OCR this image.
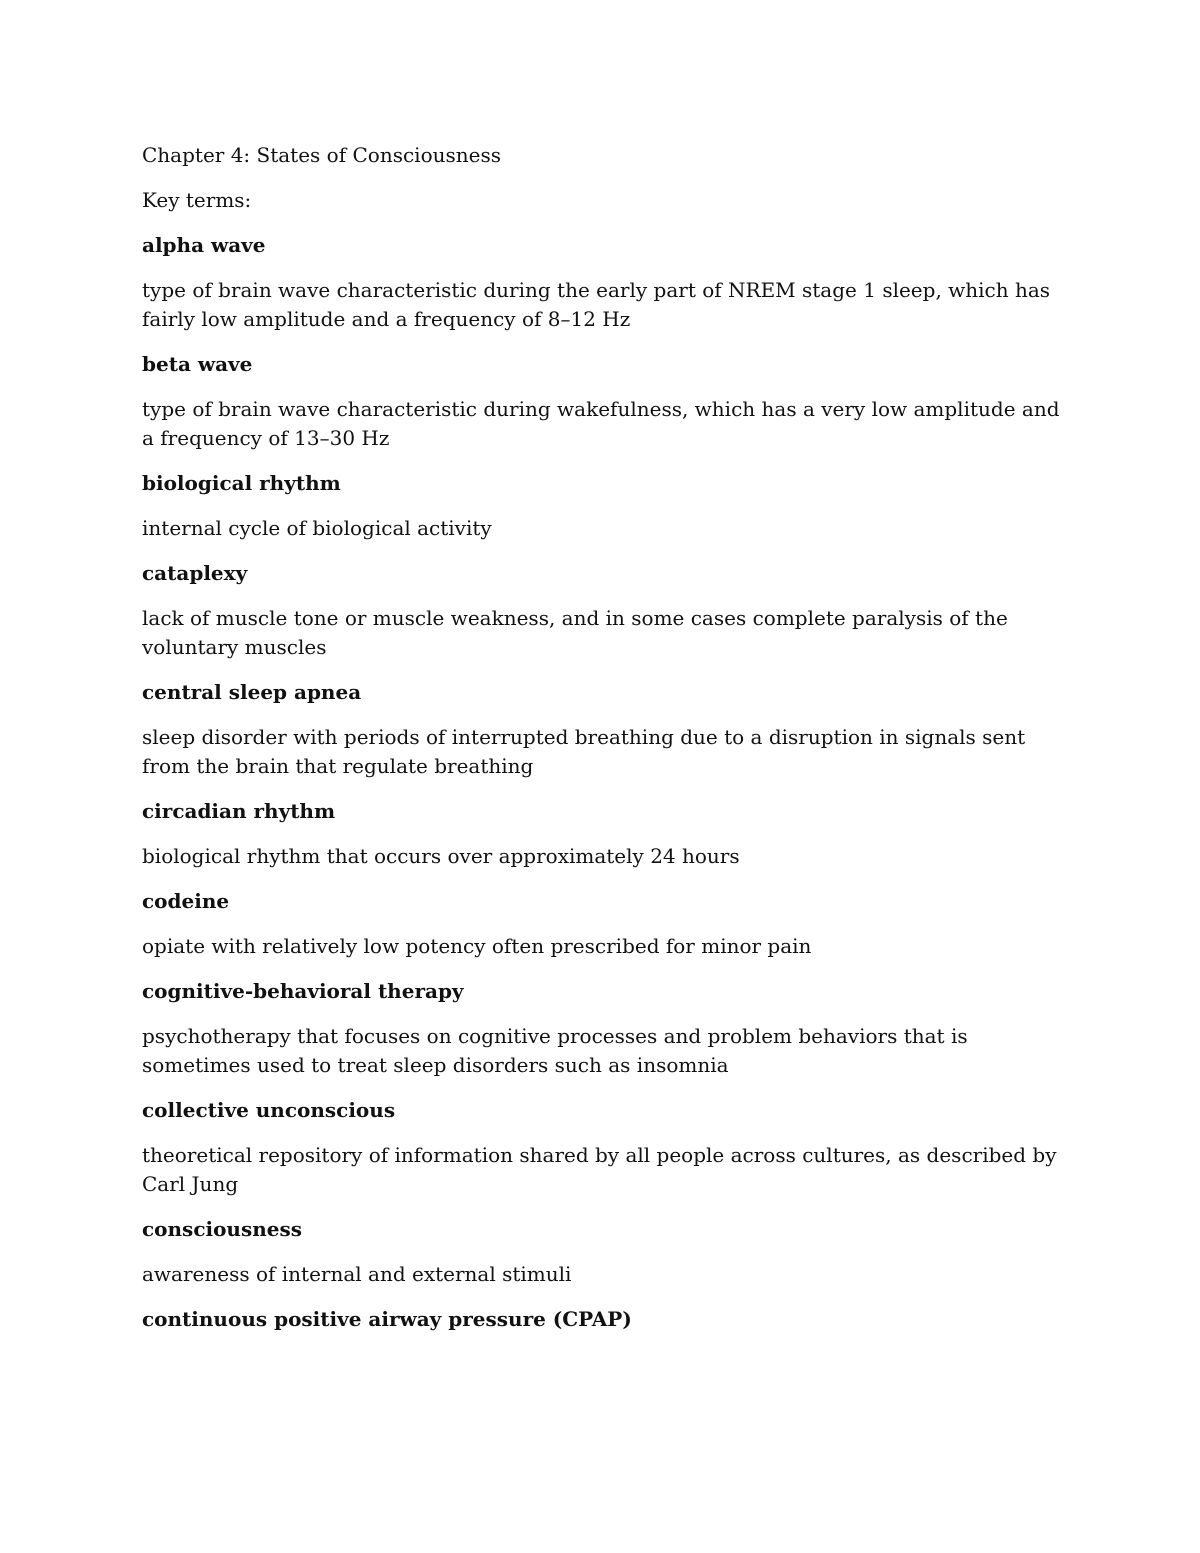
Chapter 4: States of Consciousness
Key terms:
alpha wave
type of brain wave characteristic during the early part of NREM stage 1 sleep, which has fairly low amplitude and a frequency of 8–12 Hz
beta wave
type of brain wave characteristic during wakefulness, which has a very low amplitude and a frequency of 13–30 Hz
biological rhythm
internal cycle of biological activity
cataplexy
lack of muscle tone or muscle weakness, and in some cases complete paralysis of the voluntary muscles
central sleep apnea
sleep disorder with periods of interrupted breathing due to a disruption in signals sent from the brain that regulate breathing
circadian rhythm
biological rhythm that occurs over approximately 24 hours
codeine
opiate with relatively low potency often prescribed for minor pain
cognitive-behavioral therapy
psychotherapy that focuses on cognitive processes and problem behaviors that is sometimes used to treat sleep disorders such as insomnia
collective unconscious
theoretical repository of information shared by all people across cultures, as described by Carl Jung
consciousness
awareness of internal and external stimuli
continuous positive airway pressure (CPAP)
